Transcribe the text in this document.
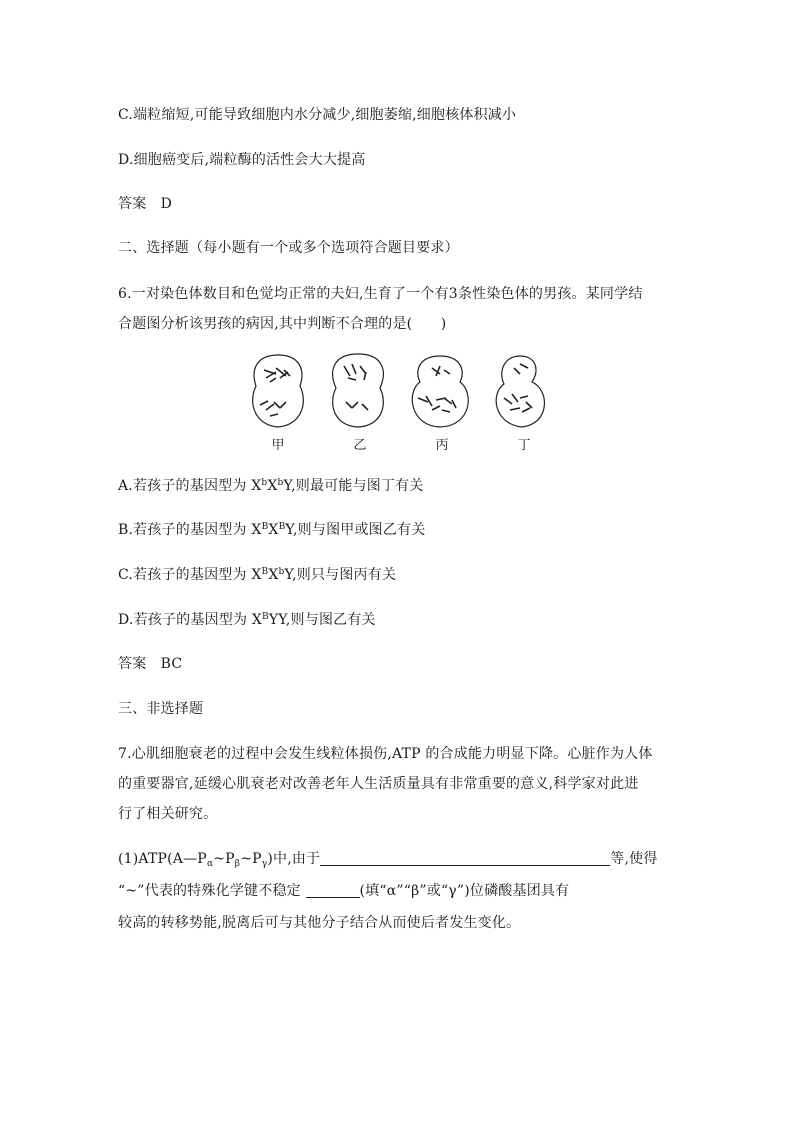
C.端粒缩短,可能导致细胞内水分减少,细胞萎缩,细胞核体积减小
D.细胞癌变后,端粒酶的活性会大大提高
答案　D
二、选择题（每小题有一个或多个选项符合题目要求）
6.一对染色体数目和色觉均正常的夫妇,生育了一个有3条性染色体的男孩。某同学结
合题图分析该男孩的病因,其中判断不合理的是(　　)
甲	乙	丙	丁
A.若孩子的基因型为 $X^bX^bY$,则最可能与图丁有关
B.若孩子的基因型为 $X^BX^BY$,则与图甲或图乙有关
C.若孩子的基因型为 $X^BX^bY$,则只与图丙有关
D.若孩子的基因型为 $X^BYY$,则与图乙有关
答案　BC
三、非选择题
7.心肌细胞衰老的过程中会发生线粒体损伤,ATP 的合成能力明显下降。心脏作为人体
的重要器官,延缓心肌衰老对改善老年人生活质量具有非常重要的意义,科学家对此进
行了相关研究。
$(1)ATP(A—P_\alpha\sim P_\beta\sim P_\gamma)$中,由于	等,使得
“~”代表的特殊化学键不稳定	(填“α”“β”或“γ”)位磷酸基团具有
较高的转移势能,脱离后可与其他分子结合从而使后者发生变化。
